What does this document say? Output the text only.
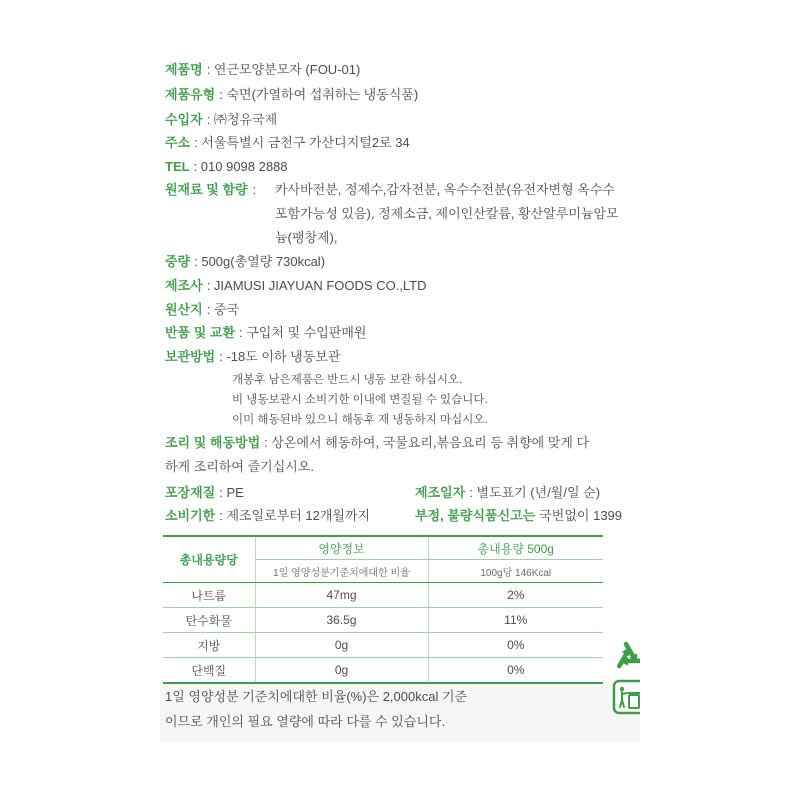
제품명 : 연근모양분모자 (FOU-01)
제품유형 : 숙면(가열하여 섭취하는 냉동식품)
수입자 : ㈜청유국제
주소 : 서울특별시 금천구 가산디지털2로 34
TEL : 010 9098 2888
원재료 및 함량 : 카사바전분, 정제수,감자전분, 옥수수전분(유전자변형 옥수수
포함가능성 있음), 정제소금, 제이인산칼륨, 황산알루미늄암모
늄(팽창제),
중량 : 500g(총열량 730kcal)
제조사 : JIAMUSI JIAYUAN FOODS CO.,LTD
원산지 : 중국
반품 및 교환 : 구입처 및 수입판매원
보관방법 : -18도 이하 냉동보관
개봉후 남은제품은 반드시 냉동 보관 하십시오.
비 냉동보관시 소비기한 이내에 변질될 수 있습니다.
이미 해동된바 있으니 해동후 재 냉동하지 마십시오.
조리 및 해동방법 : 상온에서 해동하여, 국물요리,볶음요리 등 취향에 맞게 다
하게 조리하여 즐기십시오.
포장재질 : PE	제조일자 : 별도표기 (년/월/일 순)
소비기한 : 제조일로부터 12개월까지	부정, 불량식품신고는 국번없이 1399
총내용량당	영양정보	총내용량 500g
	1일 영양성분기준치에대한 비율	100g당 146Kcal
나트륨	47mg	2%
탄수화물	36.5g	11%
지방	0g	0%
단백질	0g	0%
1일 영양성분 기준치에대한 비율(%)은 2,000kcal 기준
이므로 개인의 필요 열량에 따라 다를 수 있습니다.
